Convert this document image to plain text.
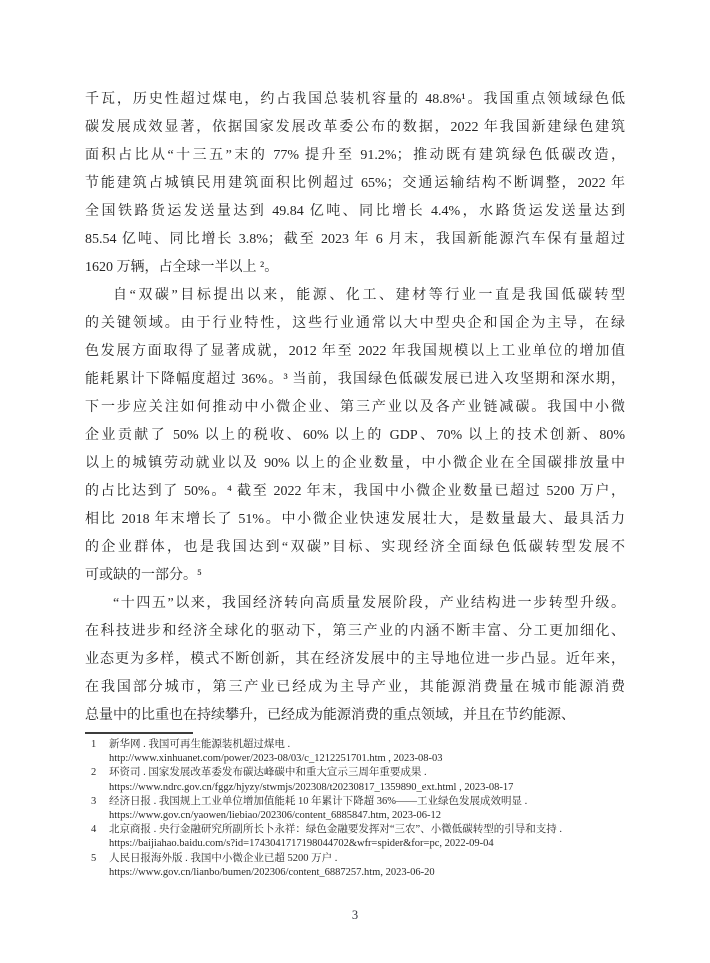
千瓦，历史性超过煤电，约占我国总装机容量的 48.8%¹。我国重点领域绿色低
碳发展成效显著，依据国家发展改革委公布的数据，2022 年我国新建绿色建筑
面积占比从“十三五”末的 77% 提升至 91.2%；推动既有建筑绿色低碳改造，
节能建筑占城镇民用建筑面积比例超过 65%；交通运输结构不断调整，2022 年
全国铁路货运发送量达到 49.84 亿吨、同比增长 4.4%，水路货运发送量达到
85.54 亿吨、同比增长 3.8%；截至 2023 年 6 月末，我国新能源汽车保有量超过
1620 万辆，占全球一半以上 ²。
自“双碳”目标提出以来，能源、化工、建材等行业一直是我国低碳转型
的关键领域。由于行业特性，这些行业通常以大中型央企和国企为主导，在绿
色发展方面取得了显著成就，2012 年至 2022 年我国规模以上工业单位的增加值
能耗累计下降幅度超过 36%。³ 当前，我国绿色低碳发展已进入攻坚期和深水期，
下一步应关注如何推动中小微企业、第三产业以及各产业链减碳。我国中小微
企业贡献了 50% 以上的税收、60% 以上的 GDP、70% 以上的技术创新、80%
以上的城镇劳动就业以及 90% 以上的企业数量，中小微企业在全国碳排放量中
的占比达到了 50%。⁴ 截至 2022 年末，我国中小微企业数量已超过 5200 万户，
相比 2018 年末增长了 51%。中小微企业快速发展壮大，是数量最大、最具活力
的企业群体，也是我国达到“双碳”目标、实现经济全面绿色低碳转型发展不
可或缺的一部分。⁵
“十四五”以来，我国经济转向高质量发展阶段，产业结构进一步转型升级。
在科技进步和经济全球化的驱动下，第三产业的内涵不断丰富、分工更加细化、
业态更为多样，模式不断创新，其在经济发展中的主导地位进一步凸显。近年来，
在我国部分城市，第三产业已经成为主导产业，其能源消费量在城市能源消费
总量中的比重也在持续攀升，已经成为能源消费的重点领域，并且在节约能源、
1	新华网 . 我国可再生能源装机超过煤电 .
http://www.xinhuanet.com/power/2023-08/03/c_1212251701.htm , 2023-08-03
2	环资司 . 国家发展改革委发布碳达峰碳中和重大宣示三周年重要成果 .
https://www.ndrc.gov.cn/fggz/hjyzy/stwmjs/202308/t20230817_1359890_ext.html , 2023-08-17
3	经济日报 . 我国规上工业单位增加值能耗 10 年累计下降超 36%——工业绿色发展成效明显 .
https://www.gov.cn/yaowen/liebiao/202306/content_6885847.htm, 2023-06-12
4	北京商报 . 央行金融研究所副所长卜永祥：绿色金融要发挥对“三农”、小微低碳转型的引导和支持 .
https://baijiahao.baidu.com/s?id=1743041717198044702&wfr=spider&for=pc, 2022-09-04
5	人民日报海外版 . 我国中小微企业已超 5200 万户 .
https://www.gov.cn/lianbo/bumen/202306/content_6887257.htm, 2023-06-20
3
